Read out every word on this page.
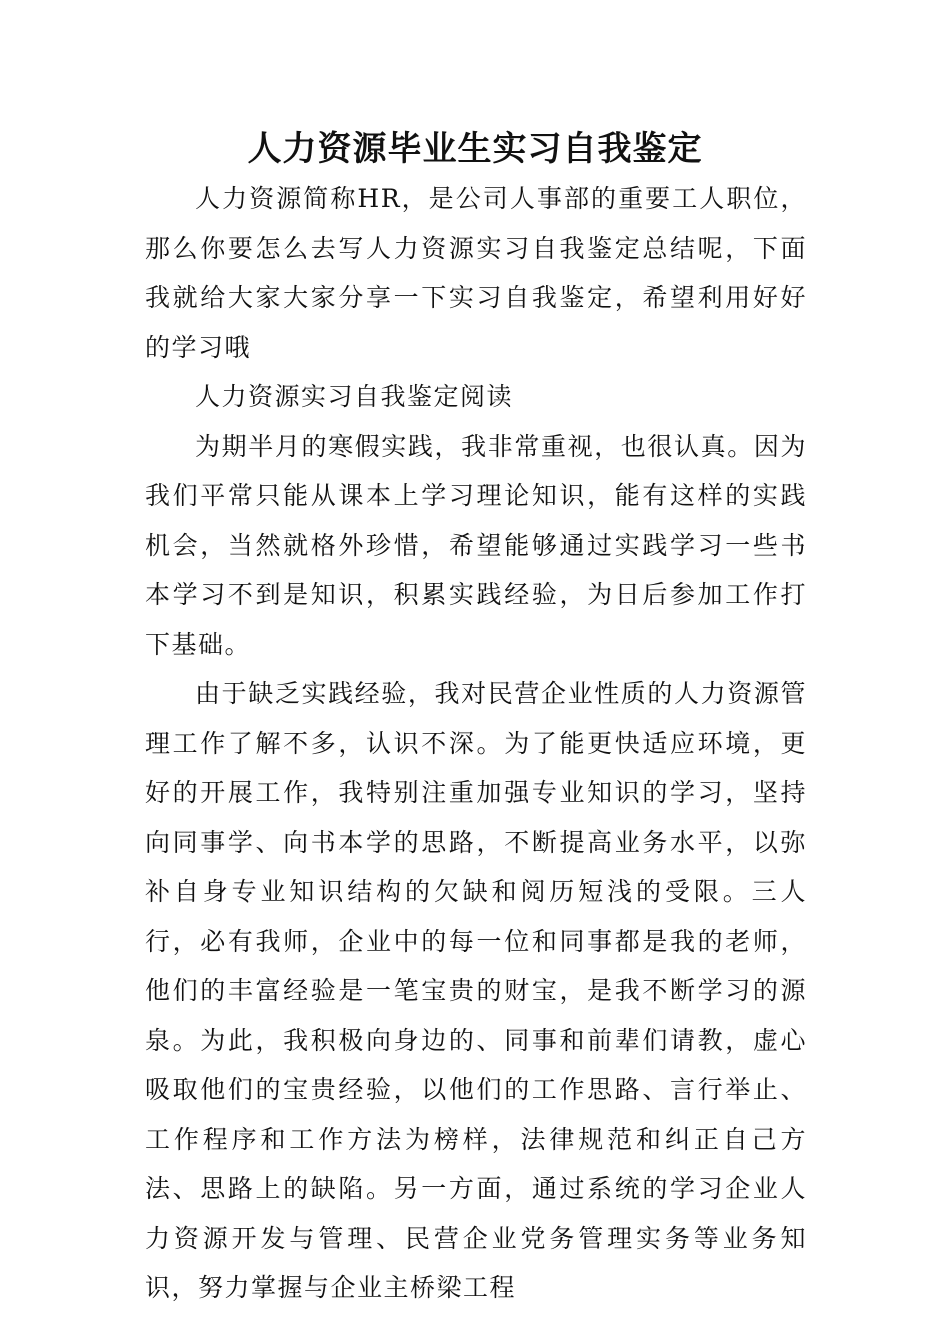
人力资源毕业生实习自我鉴定

人力资源简称HR，是公司人事部的重要工人职位，那么你要怎么去写人力资源实习自我鉴定总结呢，下面我就给大家大家分享一下实习自我鉴定，希望利用好好的学习哦

人力资源实习自我鉴定阅读

为期半月的寒假实践，我非常重视，也很认真。因为我们平常只能从课本上学习理论知识，能有这样的实践机会，当然就格外珍惜，希望能够通过实践学习一些书本学习不到是知识，积累实践经验，为日后参加工作打下基础。

由于缺乏实践经验，我对民营企业性质的人力资源管理工作了解不多，认识不深。为了能更快适应环境，更好的开展工作，我特别注重加强专业知识的学习，坚持向同事学、向书本学的思路，不断提高业务水平，以弥补自身专业知识结构的欠缺和阅历短浅的受限。三人行，必有我师，企业中的每一位和同事都是我的老师，他们的丰富经验是一笔宝贵的财宝，是我不断学习的源泉。为此，我积极向身边的、同事和前辈们请教，虚心吸取他们的宝贵经验，以他们的工作思路、言行举止、工作程序和工作方法为榜样，法律规范和纠正自己方法、思路上的缺陷。另一方面，通过系统的学习企业人力资源开发与管理、民营企业党务管理实务等业务知识，努力掌握与企业主桥梁工程
